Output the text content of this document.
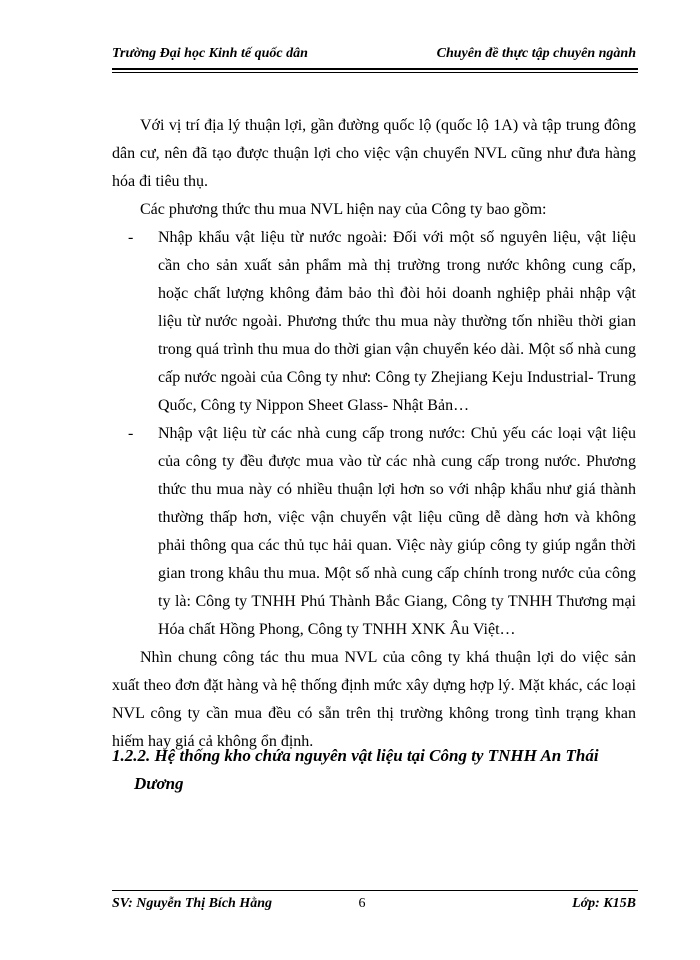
Trường Đại học Kinh tế quốc dân	Chuyên đề thực tập chuyên ngành

Với vị trí địa lý thuận lợi, gần đường quốc lộ (quốc lộ 1A) và tập trung đông dân cư, nên đã tạo được thuận lợi cho việc vận chuyển NVL cũng như đưa hàng hóa đi tiêu thụ.

Các phương thức thu mua NVL hiện nay của Công ty bao gồm:

-	Nhập khẩu vật liệu từ nước ngoài: Đối với một số nguyên liệu, vật liệu cần cho sản xuất sản phẩm mà thị trường trong nước không cung cấp, hoặc chất lượng không đảm bảo thì đòi hỏi doanh nghiệp phải nhập vật liệu từ nước ngoài. Phương thức thu mua này thường tốn nhiều thời gian trong quá trình thu mua do thời gian vận chuyển kéo dài. Một số nhà cung cấp nước ngoài của Công ty như: Công ty Zhejiang Keju Industrial- Trung Quốc, Công ty Nippon Sheet Glass- Nhật Bản…
-	Nhập vật liệu từ các nhà cung cấp trong nước: Chủ yếu các loại vật liệu của công ty đều được mua vào từ các nhà cung cấp trong nước. Phương thức thu mua này có nhiều thuận lợi hơn so với nhập khẩu như giá thành thường thấp hơn, việc vận chuyển vật liệu cũng dễ dàng hơn và không phải thông qua các thủ tục hải quan. Việc này giúp công ty giúp ngắn thời gian trong khâu thu mua. Một số nhà cung cấp chính trong nước của công ty là: Công ty TNHH Phú Thành Bắc Giang, Công ty TNHH Thương mại Hóa chất Hồng Phong, Công ty TNHH XNK Âu Việt…

Nhìn chung công tác thu mua NVL của công ty khá thuận lợi do việc sản xuất theo đơn đặt hàng và hệ thống định mức xây dựng hợp lý. Mặt khác, các loại NVL công ty cần mua đều có sẵn trên thị trường không trong tình trạng khan hiếm hay giá cả không ổn định.

1.2.2. Hệ thống kho chứa nguyên vật liệu tại Công ty TNHH An Thái
Dương
SV: Nguyễn Thị Bích Hằng	6	Lớp: K15B
